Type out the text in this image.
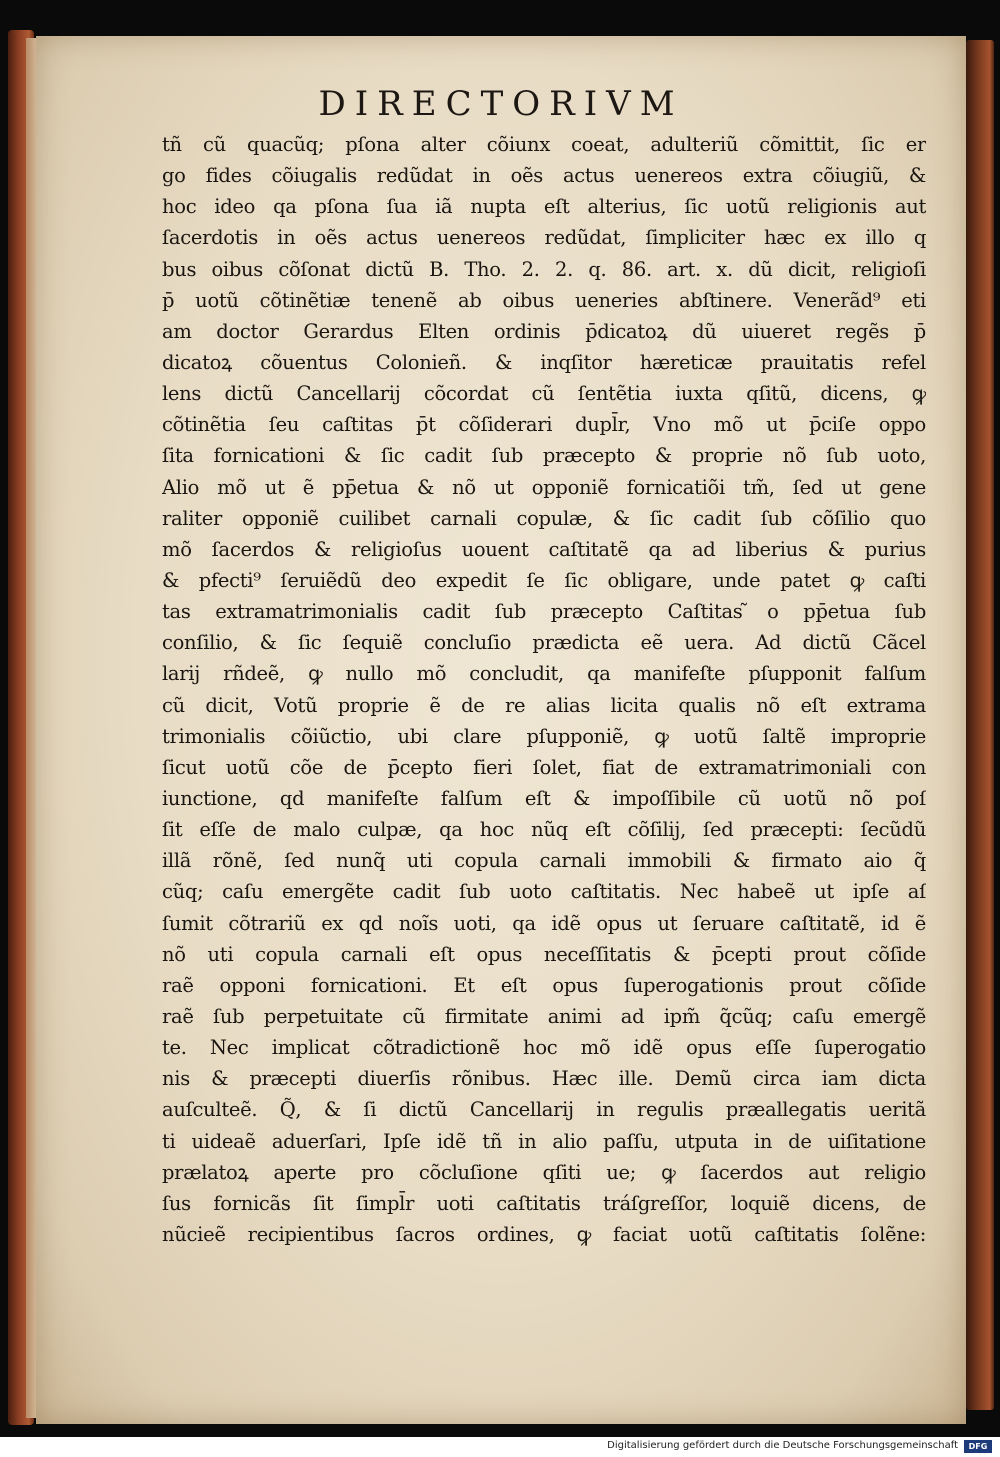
DIRECTORIVM
tñ cũ quacũq; pſona alter cõiunx coeat, adulteriũ cõmittit, ſic er
go fides cõiugalis redũdat in oẽs actus uenereos extra cõiugiũ, &
hoc ideo qa pſona ſua iã nupta eſt alterius, ſic uotũ religionis aut
ſacerdotis in oẽs actus uenereos redũdat, ſimpliciter hæc ex illo q
bus oibus cõſonat dictũ B. Tho. 2. 2. q. 86. art. x. dũ dicit, religioſi
p̄ uotũ cõtinẽtiæ tenenẽ ab oibus ueneries abſtinere. Venerãd⁹ eti
am doctor Gerardus Elten ordinis p̄dicatoꝝ dũ uiueret regẽs p̄
dicatoꝝ cõuentus Colonieñ. & inqſitor hæreticæ prauitatis refel
lens dictũ Cancellarij cõcordat cũ ſentẽtia iuxta qſitũ, dicens, ꝙ
cõtinẽtia ſeu caſtitas p̄t cõſiderari dupl̄r, Vno mõ ut p̄ciſe oppo
ſita fornicationi & ſic cadit ſub præcepto & proprie nõ ſub uoto,
Alio mõ ut ẽ pp̄etua & nõ ut opponiẽ fornicatiõi tm̃, ſed ut gene
raliter opponiẽ cuilibet carnali copulæ, & ſic cadit ſub cõſilio quo
mõ ſacerdos & religioſus uouent caſtitatẽ qa ad liberius & purius
& pfecti⁹ ſeruiẽdũ deo expedit ſe ſic obligare, unde patet ꝙ caſti
tas extramatrimonialis cadit ſub præcepto Caſtitas ̃o pp̄etua ſub
conſilio, & ſic ſequiẽ concluſio prædicta eẽ uera. Ad dictũ Cãcel
larij rñdeẽ, ꝙ nullo mõ concludit, qa manifeſte pſupponit falſum
cũ dicit, Votũ proprie ẽ de re alias licita qualis nõ eſt extrama
trimonialis cõiũctio, ubi clare pſupponiẽ, ꝙ uotũ ſaltẽ improprie
ſicut uotũ cõe de p̄cepto fieri ſolet, fiat de extramatrimoniali con
iunctione, qd manifeſte falſum eſt & impoſſibile cũ uotũ nõ poſ
ſit eſſe de malo culpæ, qa hoc nũq eſt cõſilij, ſed præcepti: ſecũdũ
illã rõnẽ, ſed nunq̃ uti copula carnali immobili & firmato aio q̃
cũq; caſu emergẽte cadit ſub uoto caſtitatis. Nec habeẽ ut ipſe aſ
ſumit cõtrariũ ex qd noĩs uoti, qa idẽ opus ut ſeruare caſtitatẽ, id ẽ
nõ uti copula carnali eſt opus neceſſitatis & p̄cepti prout cõſide
raẽ opponi fornicationi. Et eſt opus ſuperogationis prout cõſide
raẽ ſub perpetuitate cũ firmitate animi ad ipm̃ q̃cũq; caſu emergẽ
te. Nec implicat cõtradictionẽ hoc mõ idẽ opus eſſe ſuperogatio
nis & præcepti diuerſis rõnibus. Hæc ille. Demũ circa iam dicta
auſculteẽ. Q̃, & ſi dictũ Cancellarij in regulis præallegatis ueritã
ti uideaẽ aduerſari, Ipſe idẽ tñ in alio paſſu, utputa in de uiſitatione
prælatoꝝ aperte pro cõcluſione qſiti ue; ꝙ ſacerdos aut religio
ſus fornicãs ſit ſimpl̄r uoti caſtitatis tráſgreſſor, loquiẽ dicens, de
nũcieẽ recipientibus ſacros ordines, ꝙ faciat uotũ caſtitatis ſolẽne:
Digitalisierung gefördert durch die Deutsche Forschungsgemeinschaft	DFG
